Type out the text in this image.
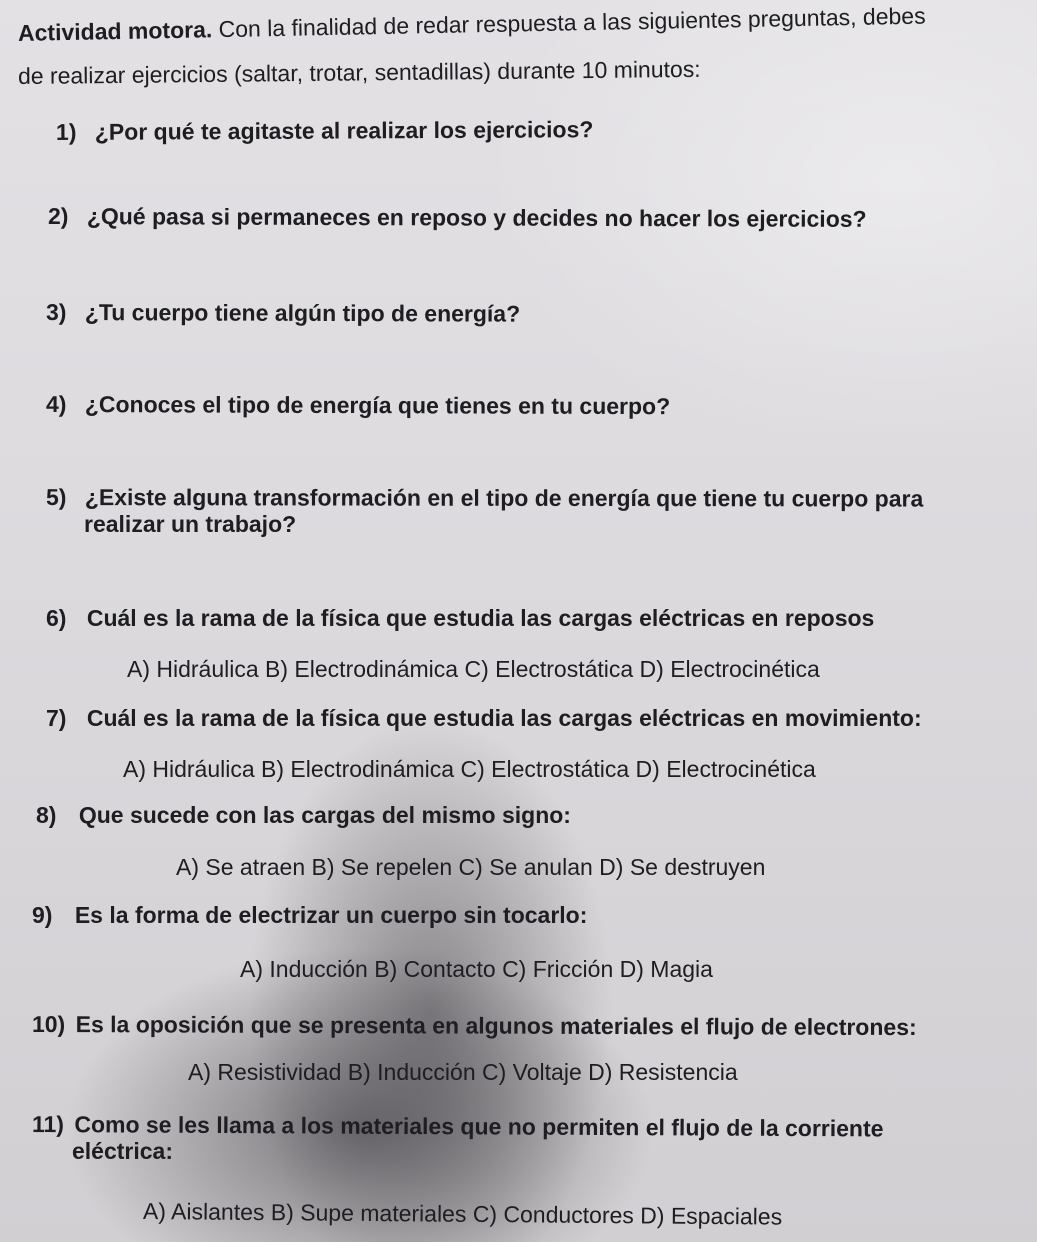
Actividad motora. Con la finalidad de redar respuesta a las siguientes preguntas, debes
de realizar ejercicios (saltar, trotar, sentadillas) durante 10 minutos:
1) ¿Por qué te agitaste al realizar los ejercicios?
2) ¿Qué pasa si permaneces en reposo y decides no hacer los ejercicios?
3) ¿Tu cuerpo tiene algún tipo de energía?
4) ¿Conoces el tipo de energía que tienes en tu cuerpo?
5) ¿Existe alguna transformación en el tipo de energía que tiene tu cuerpo para
realizar un trabajo?
6) Cuál es la rama de la física que estudia las cargas eléctricas en reposos
A) Hidráulica B) Electrodinámica C) Electrostática D) Electrocinética
7) Cuál es la rama de la física que estudia las cargas eléctricas en movimiento:
A) Hidráulica B) Electrodinámica C) Electrostática D) Electrocinética
8) Que sucede con las cargas del mismo signo:
A) Se atraen B) Se repelen C) Se anulan D) Se destruyen
9) Es la forma de electrizar un cuerpo sin tocarlo:
A) Inducción B) Contacto C) Fricción D) Magia
10) Es la oposición que se presenta en algunos materiales el flujo de electrones:
A) Resistividad B) Inducción C) Voltaje D) Resistencia
11) Como se les llama a los materiales que no permiten el flujo de la corriente
eléctrica:
A) Aislantes B) Supe materiales C) Conductores D) Espaciales
